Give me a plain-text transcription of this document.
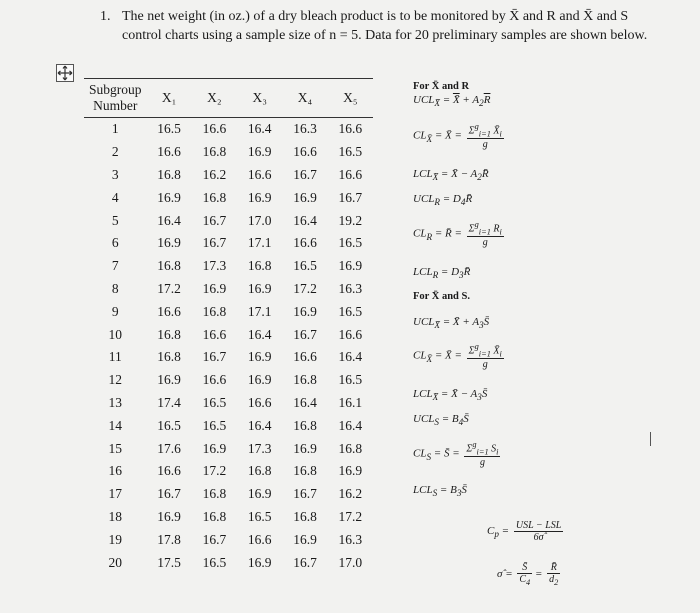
1. The net weight (in oz.) of a dry bleach product is to be monitored by X̄ and R and X̄ and S control charts using a sample size of n = 5. Data for 20 preliminary samples are shown below.
Subgroup
Number	X₁	X₂	X₃	X₄	X₅
1	16.5	16.6	16.4	16.3	16.6
2	16.6	16.8	16.9	16.6	16.5
3	16.8	16.2	16.6	16.7	16.6
4	16.9	16.8	16.9	16.9	16.7
5	16.4	16.7	17.0	16.4	19.2
6	16.9	16.7	17.1	16.6	16.5
7	16.8	17.3	16.8	16.5	16.9
8	17.2	16.9	16.9	17.2	16.3
9	16.6	16.8	17.1	16.9	16.5
10	16.8	16.6	16.4	16.7	16.6
11	16.8	16.7	16.9	16.6	16.4
12	16.9	16.6	16.9	16.8	16.5
13	17.4	16.5	16.6	16.4	16.1
14	16.5	16.5	16.4	16.8	16.4
15	17.6	16.9	17.3	16.9	16.8
16	16.6	17.2	16.8	16.8	16.9
17	16.7	16.8	16.9	16.7	16.2
18	16.9	16.8	16.5	16.8	17.2
19	17.8	16.7	16.6	16.9	16.3
20	17.5	16.5	16.9	16.7	17.0
For X̄ and R
$UCL_{X̄} = \overline{X} + A_2\overline{R}$
$CL_{X̄}$ = X̄ = $\frac{\Sigma^g_{i=1} X̄_i}{g}$
$LCL_{X̄}$ = X̄ − $A_2R̄$
$UCL_R$ = $D_4R̄$
$CL_R$ = R̄ = $\frac{\Sigma^g_{i=1} R_i}{g}$
$LCL_R$ = $D_3R̄$
For X̄ and S.
$UCL_{X̄}$ = X̄ + $A_3S̄$
$CL_{X̄}$ = X̄ = $\frac{\Sigma^g_{i=1} X̄_i}{g}$
$LCL_{X̄}$ = X̄ − $A_3S̄$
$UCL_S$ = $B_4S̄$
$CL_S$ = S̄ = $\frac{\Sigma^g_{i=1} S_i}{g}$
$LCL_S$ = $B_3S̄$
$C_p = \frac{\text{USL − LSL}}{6\sigmâ}$
σ̂ = $\frac{S̄}{C_4} = \frac{R̄}{d_2}$
